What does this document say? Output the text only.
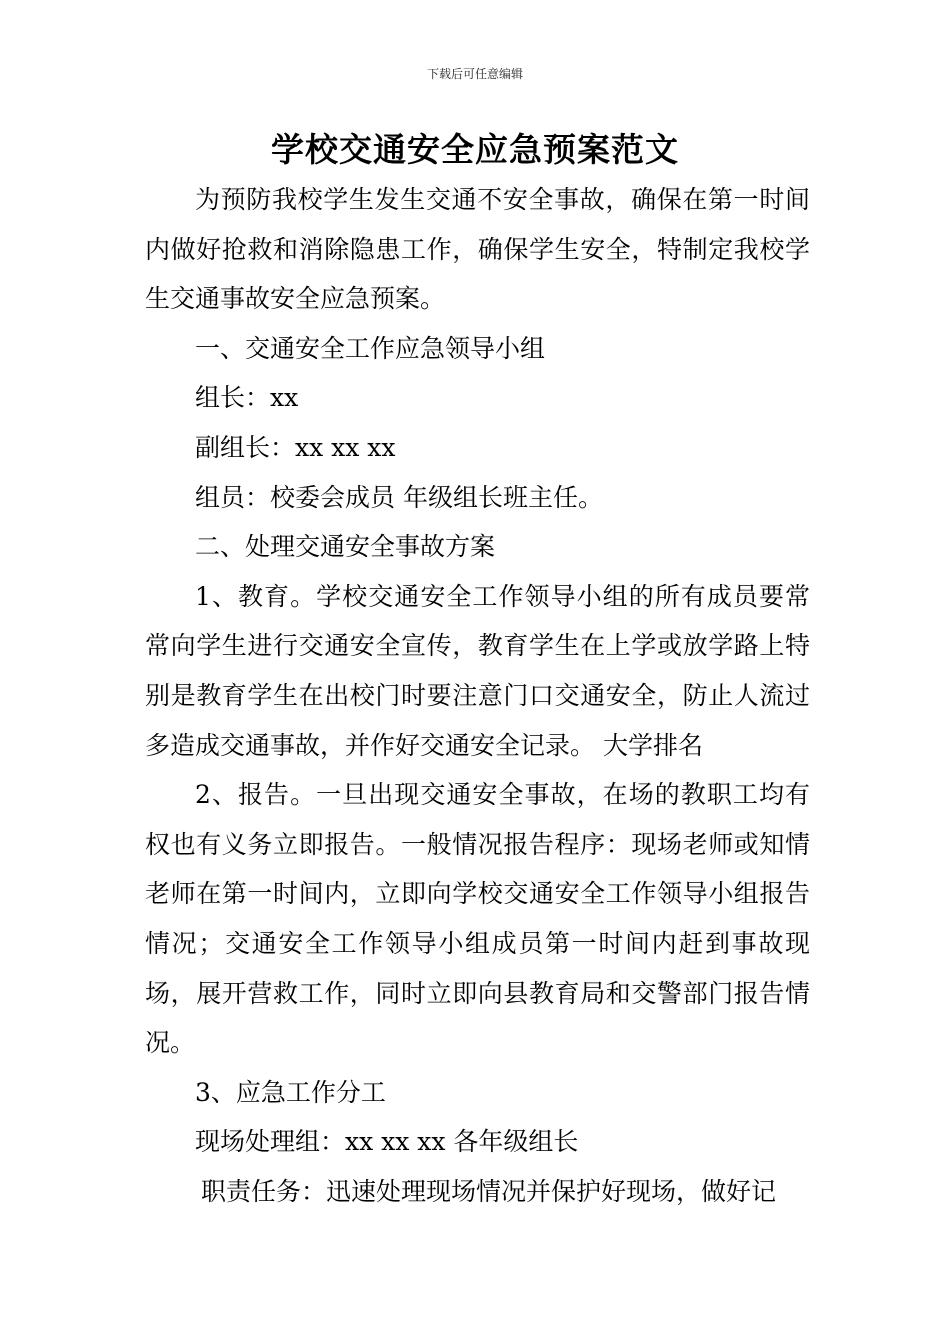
下载后可任意编辑
学校交通安全应急预案范文

为预防我校学生发生交通不安全事故，确保在第一时间内做好抢救和消除隐患工作，确保学生安全，特制定我校学生交通事故安全应急预案。

一、交通安全工作应急领导小组

组长：xx

副组长：xx xx xx

组员：校委会成员 年级组长班主任。

二、处理交通安全事故方案

1、教育。学校交通安全工作领导小组的所有成员要常常向学生进行交通安全宣传，教育学生在上学或放学路上特别是教育学生在出校门时要注意门口交通安全，防止人流过多造成交通事故，并作好交通安全记录。 大学排名

2、报告。一旦出现交通安全事故，在场的教职工均有权也有义务立即报告。一般情况报告程序：现场老师或知情老师在第一时间内，立即向学校交通安全工作领导小组报告情况；交通安全工作领导小组成员第一时间内赶到事故现场，展开营救工作，同时立即向县教育局和交警部门报告情况。

3、应急工作分工

现场处理组：xx xx xx 各年级组长

职责任务：迅速处理现场情况并保护好现场，做好记
